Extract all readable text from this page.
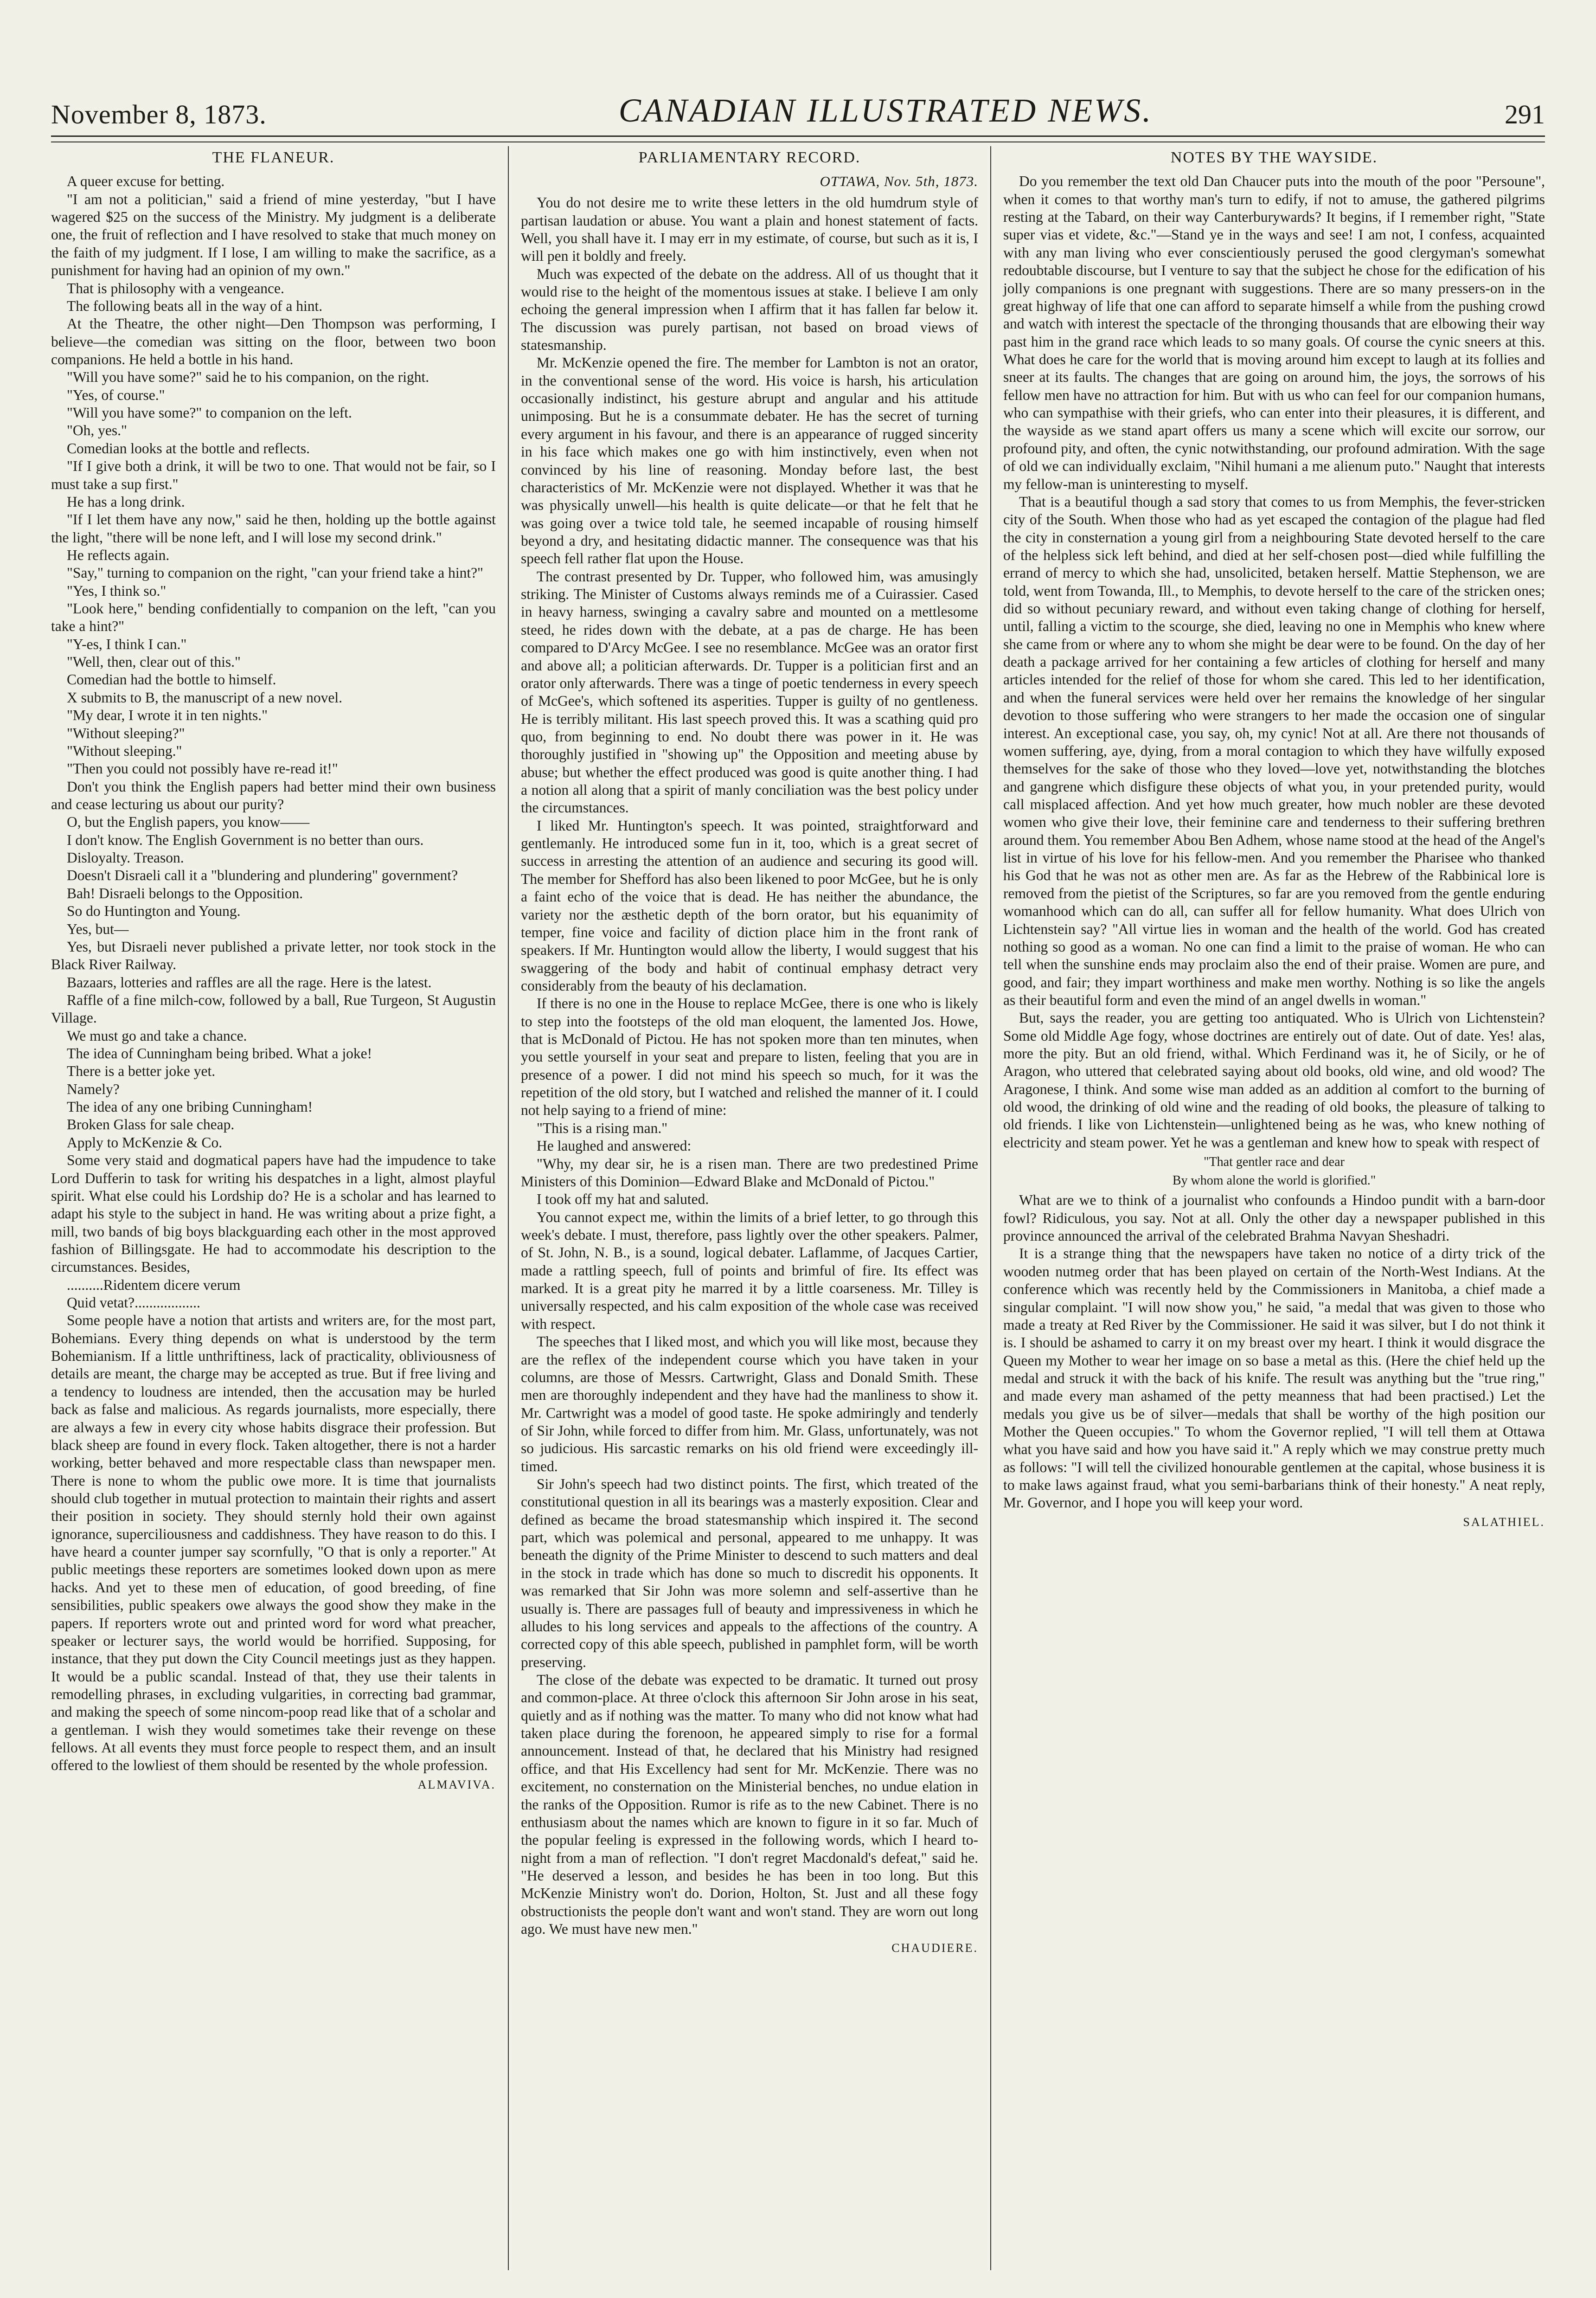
November 8, 1873.	CANADIAN ILLUSTRATED NEWS.	291
THE FLANEUR.

A queer excuse for betting.

"I am not a politician," said a friend of mine yesterday, "but I have wagered $25 on the success of the Ministry. My judgment is a deliberate one, the fruit of reflection and I have resolved to stake that much money on the faith of my judgment. If I lose, I am willing to make the sacrifice, as a punishment for having had an opinion of my own."

That is philosophy with a vengeance.

The following beats all in the way of a hint.

At the Theatre, the other night—Den Thompson was performing, I believe—the comedian was sitting on the floor, between two boon companions. He held a bottle in his hand.

"Will you have some?" said he to his companion, on the right.

"Yes, of course."

"Will you have some?" to companion on the left.

"Oh, yes."

Comedian looks at the bottle and reflects.

"If I give both a drink, it will be two to one. That would not be fair, so I must take a sup first."

He has a long drink.

"If I let them have any now," said he then, holding up the bottle against the light, "there will be none left, and I will lose my second drink."

He reflects again.

"Say," turning to companion on the right, "can your friend take a hint?"

"Yes, I think so."

"Look here," bending confidentially to companion on the left, "can you take a hint?"

"Y-es, I think I can."

"Well, then, clear out of this."

Comedian had the bottle to himself.

X submits to B, the manuscript of a new novel.

"My dear, I wrote it in ten nights."

"Without sleeping?"

"Without sleeping."

"Then you could not possibly have re-read it!"

Don't you think the English papers had better mind their own business and cease lecturing us about our purity?

O, but the English papers, you know——

I don't know. The English Government is no better than ours.

Disloyalty. Treason.

Doesn't Disraeli call it a "blundering and plundering" government?

Bah! Disraeli belongs to the Opposition.

So do Huntington and Young.

Yes, but—

Yes, but Disraeli never published a private letter, nor took stock in the Black River Railway.

Bazaars, lotteries and raffles are all the rage. Here is the latest.

Raffle of a fine milch-cow, followed by a ball, Rue Turgeon, St Augustin Village.

We must go and take a chance.

The idea of Cunningham being bribed. What a joke!

There is a better joke yet.

Namely?

The idea of any one bribing Cunningham!

Broken Glass for sale cheap.

Apply to McKenzie & Co.

Some very staid and dogmatical papers have had the impudence to take Lord Dufferin to task for writing his despatches in a light, almost playful spirit. What else could his Lordship do? He is a scholar and has learned to adapt his style to the subject in hand. He was writing about a prize fight, a mill, two bands of big boys blackguarding each other in the most approved fashion of Billingsgate. He had to accommodate his description to the circumstances. Besides,

..........Ridentem dicere verum

Quid vetat?..................

Some people have a notion that artists and writers are, for the most part, Bohemians. Every thing depends on what is understood by the term Bohemianism. If a little unthriftiness, lack of practicality, obliviousness of details are meant, the charge may be accepted as true. But if free living and a tendency to loudness are intended, then the accusation may be hurled back as false and malicious. As regards journalists, more especially, there are always a few in every city whose habits disgrace their profession. But black sheep are found in every flock. Taken altogether, there is not a harder working, better behaved and more respectable class than newspaper men. There is none to whom the public owe more. It is time that journalists should club together in mutual protection to maintain their rights and assert their position in society. They should sternly hold their own against ignorance, superciliousness and caddishness. They have reason to do this. I have heard a counter jumper say scornfully, "O that is only a reporter." At public meetings these reporters are sometimes looked down upon as mere hacks. And yet to these men of education, of good breeding, of fine sensibilities, public speakers owe always the good show they make in the papers. If reporters wrote out and printed word for word what preacher, speaker or lecturer says, the world would be horrified. Supposing, for instance, that they put down the City Council meetings just as they happen. It would be a public scandal. Instead of that, they use their talents in remodelling phrases, in excluding vulgarities, in correcting bad grammar, and making the speech of some nincom-poop read like that of a scholar and a gentleman. I wish they would sometimes take their revenge on these fellows. At all events they must force people to respect them, and an insult offered to the lowliest of them should be resented by the whole profession.

ALMAVIVA.
PARLIAMENTARY RECORD.
OTTAWA, Nov. 5th, 1873.

You do not desire me to write these letters in the old humdrum style of partisan laudation or abuse. You want a plain and honest statement of facts. Well, you shall have it. I may err in my estimate, of course, but such as it is, I will pen it boldly and freely.

Much was expected of the debate on the address. All of us thought that it would rise to the height of the momentous issues at stake. I believe I am only echoing the general impression when I affirm that it has fallen far below it. The discussion was purely partisan, not based on broad views of statesmanship.

Mr. McKenzie opened the fire. The member for Lambton is not an orator, in the conventional sense of the word. His voice is harsh, his articulation occasionally indistinct, his gesture abrupt and angular and his attitude unimposing. But he is a consummate debater. He has the secret of turning every argument in his favour, and there is an appearance of rugged sincerity in his face which makes one go with him instinctively, even when not convinced by his line of reasoning. Monday before last, the best characteristics of Mr. McKenzie were not displayed. Whether it was that he was physically unwell—his health is quite delicate—or that he felt that he was going over a twice told tale, he seemed incapable of rousing himself beyond a dry, and hesitating didactic manner. The consequence was that his speech fell rather flat upon the House.

The contrast presented by Dr. Tupper, who followed him, was amusingly striking. The Minister of Customs always reminds me of a Cuirassier. Cased in heavy harness, swinging a cavalry sabre and mounted on a mettlesome steed, he rides down with the debate, at a pas de charge. He has been compared to D'Arcy McGee. I see no resemblance. McGee was an orator first and above all; a politician afterwards. Dr. Tupper is a politician first and an orator only afterwards. There was a tinge of poetic tenderness in every speech of McGee's, which softened its asperities. Tupper is guilty of no gentleness. He is terribly militant. His last speech proved this. It was a scathing quid pro quo, from beginning to end. No doubt there was power in it. He was thoroughly justified in "showing up" the Opposition and meeting abuse by abuse; but whether the effect produced was good is quite another thing. I had a notion all along that a spirit of manly conciliation was the best policy under the circumstances.

I liked Mr. Huntington's speech. It was pointed, straightforward and gentlemanly. He introduced some fun in it, too, which is a great secret of success in arresting the attention of an audience and securing its good will. The member for Shefford has also been likened to poor McGee, but he is only a faint echo of the voice that is dead. He has neither the abundance, the variety nor the æsthetic depth of the born orator, but his equanimity of temper, fine voice and facility of diction place him in the front rank of speakers. If Mr. Huntington would allow the liberty, I would suggest that his swaggering of the body and habit of continual emphasy detract very considerably from the beauty of his declamation.

If there is no one in the House to replace McGee, there is one who is likely to step into the footsteps of the old man eloquent, the lamented Jos. Howe, that is McDonald of Pictou. He has not spoken more than ten minutes, when you settle yourself in your seat and prepare to listen, feeling that you are in presence of a power. I did not mind his speech so much, for it was the repetition of the old story, but I watched and relished the manner of it. I could not help saying to a friend of mine:

"This is a rising man."

He laughed and answered:

"Why, my dear sir, he is a risen man. There are two predestined Prime Ministers of this Dominion—Edward Blake and McDonald of Pictou."

I took off my hat and saluted.

You cannot expect me, within the limits of a brief letter, to go through this week's debate. I must, therefore, pass lightly over the other speakers. Palmer, of St. John, N. B., is a sound, logical debater. Laflamme, of Jacques Cartier, made a rattling speech, full of points and brimful of fire. Its effect was marked. It is a great pity he marred it by a little coarseness. Mr. Tilley is universally respected, and his calm exposition of the whole case was received with respect.

The speeches that I liked most, and which you will like most, because they are the reflex of the independent course which you have taken in your columns, are those of Messrs. Cartwright, Glass and Donald Smith. These men are thoroughly independent and they have had the manliness to show it. Mr. Cartwright was a model of good taste. He spoke admiringly and tenderly of Sir John, while forced to differ from him. Mr. Glass, unfortunately, was not so judicious. His sarcastic remarks on his old friend were exceedingly ill-timed.

Sir John's speech had two distinct points. The first, which treated of the constitutional question in all its bearings was a masterly exposition. Clear and defined as became the broad statesmanship which inspired it. The second part, which was polemical and personal, appeared to me unhappy. It was beneath the dignity of the Prime Minister to descend to such matters and deal in the stock in trade which has done so much to discredit his opponents. It was remarked that Sir John was more solemn and self-assertive than he usually is. There are passages full of beauty and impressiveness in which he alludes to his long services and appeals to the affections of the country. A corrected copy of this able speech, published in pamphlet form, will be worth preserving.

The close of the debate was expected to be dramatic. It turned out prosy and common-place. At three o'clock this afternoon Sir John arose in his seat, quietly and as if nothing was the matter. To many who did not know what had taken place during the forenoon, he appeared simply to rise for a formal announcement. Instead of that, he declared that his Ministry had resigned office, and that His Excellency had sent for Mr. McKenzie. There was no excitement, no consternation on the Ministerial benches, no undue elation in the ranks of the Opposition. Rumor is rife as to the new Cabinet. There is no enthusiasm about the names which are known to figure in it so far. Much of the popular feeling is expressed in the following words, which I heard to-night from a man of reflection. "I don't regret Macdonald's defeat," said he. "He deserved a lesson, and besides he has been in too long. But this McKenzie Ministry won't do. Dorion, Holton, St. Just and all these fogy obstructionists the people don't want and won't stand. They are worn out long ago. We must have new men."

CHAUDIERE.
NOTES BY THE WAYSIDE.

Do you remember the text old Dan Chaucer puts into the mouth of the poor "Persoune", when it comes to that worthy man's turn to edify, if not to amuse, the gathered pilgrims resting at the Tabard, on their way Canterburywards? It begins, if I remember right, "State super vias et videte, &c."—Stand ye in the ways and see! I am not, I confess, acquainted with any man living who ever conscientiously perused the good clergyman's somewhat redoubtable discourse, but I venture to say that the subject he chose for the edification of his jolly companions is one pregnant with suggestions. There are so many pressers-on in the great highway of life that one can afford to separate himself a while from the pushing crowd and watch with interest the spectacle of the thronging thousands that are elbowing their way past him in the grand race which leads to so many goals. Of course the cynic sneers at this. What does he care for the world that is moving around him except to laugh at its follies and sneer at its faults. The changes that are going on around him, the joys, the sorrows of his fellow men have no attraction for him. But with us who can feel for our companion humans, who can sympathise with their griefs, who can enter into their pleasures, it is different, and the wayside as we stand apart offers us many a scene which will excite our sorrow, our profound pity, and often, the cynic notwithstanding, our profound admiration. With the sage of old we can individually exclaim, "Nihil humani a me alienum puto." Naught that interests my fellow-man is uninteresting to myself.

That is a beautiful though a sad story that comes to us from Memphis, the fever-stricken city of the South. When those who had as yet escaped the contagion of the plague had fled the city in consternation a young girl from a neighbouring State devoted herself to the care of the helpless sick left behind, and died at her self-chosen post—died while fulfilling the errand of mercy to which she had, unsolicited, betaken herself. Mattie Stephenson, we are told, went from Towanda, Ill., to Memphis, to devote herself to the care of the stricken ones; did so without pecuniary reward, and without even taking change of clothing for herself, until, falling a victim to the scourge, she died, leaving no one in Memphis who knew where she came from or where any to whom she might be dear were to be found. On the day of her death a package arrived for her containing a few articles of clothing for herself and many articles intended for the relief of those for whom she cared. This led to her identification, and when the funeral services were held over her remains the knowledge of her singular devotion to those suffering who were strangers to her made the occasion one of singular interest. An exceptional case, you say, oh, my cynic! Not at all. Are there not thousands of women suffering, aye, dying, from a moral contagion to which they have wilfully exposed themselves for the sake of those who they loved—love yet, notwithstanding the blotches and gangrene which disfigure these objects of what you, in your pretended purity, would call misplaced affection. And yet how much greater, how much nobler are these devoted women who give their love, their feminine care and tenderness to their suffering brethren around them. You remember Abou Ben Adhem, whose name stood at the head of the Angel's list in virtue of his love for his fellow-men. And you remember the Pharisee who thanked his God that he was not as other men are. As far as the Hebrew of the Rabbinical lore is removed from the pietist of the Scriptures, so far are you removed from the gentle enduring womanhood which can do all, can suffer all for fellow humanity. What does Ulrich von Lichtenstein say? "All virtue lies in woman and the health of the world. God has created nothing so good as a woman. No one can find a limit to the praise of woman. He who can tell when the sunshine ends may proclaim also the end of their praise. Women are pure, and good, and fair; they impart worthiness and make men worthy. Nothing is so like the angels as their beautiful form and even the mind of an angel dwells in woman."

But, says the reader, you are getting too antiquated. Who is Ulrich von Lichtenstein? Some old Middle Age fogy, whose doctrines are entirely out of date. Out of date. Yes! alas, more the pity. But an old friend, withal. Which Ferdinand was it, he of Sicily, or he of Aragon, who uttered that celebrated saying about old books, old wine, and old wood? The Aragonese, I think. And some wise man added as an addition al comfort to the burning of old wood, the drinking of old wine and the reading of old books, the pleasure of talking to old friends. I like von Lichtenstein—unlightened being as he was, who knew nothing of electricity and steam power. Yet he was a gentleman and knew how to speak with respect of

"That gentler race and dear

By whom alone the world is glorified."

What are we to think of a journalist who confounds a Hindoo pundit with a barn-door fowl? Ridiculous, you say. Not at all. Only the other day a newspaper published in this province announced the arrival of the celebrated Brahma Navyan Sheshadri.

It is a strange thing that the newspapers have taken no notice of a dirty trick of the wooden nutmeg order that has been played on certain of the North-West Indians. At the conference which was recently held by the Commissioners in Manitoba, a chief made a singular complaint. "I will now show you," he said, "a medal that was given to those who made a treaty at Red River by the Commissioner. He said it was silver, but I do not think it is. I should be ashamed to carry it on my breast over my heart. I think it would disgrace the Queen my Mother to wear her image on so base a metal as this. (Here the chief held up the medal and struck it with the back of his knife. The result was anything but the "true ring," and made every man ashamed of the petty meanness that had been practised.) Let the medals you give us be of silver—medals that shall be worthy of the high position our Mother the Queen occupies." To whom the Governor replied, "I will tell them at Ottawa what you have said and how you have said it." A reply which we may construe pretty much as follows: "I will tell the civilized honourable gentlemen at the capital, whose business it is to make laws against fraud, what you semi-barbarians think of their honesty." A neat reply, Mr. Governor, and I hope you will keep your word.

SALATHIEL.
